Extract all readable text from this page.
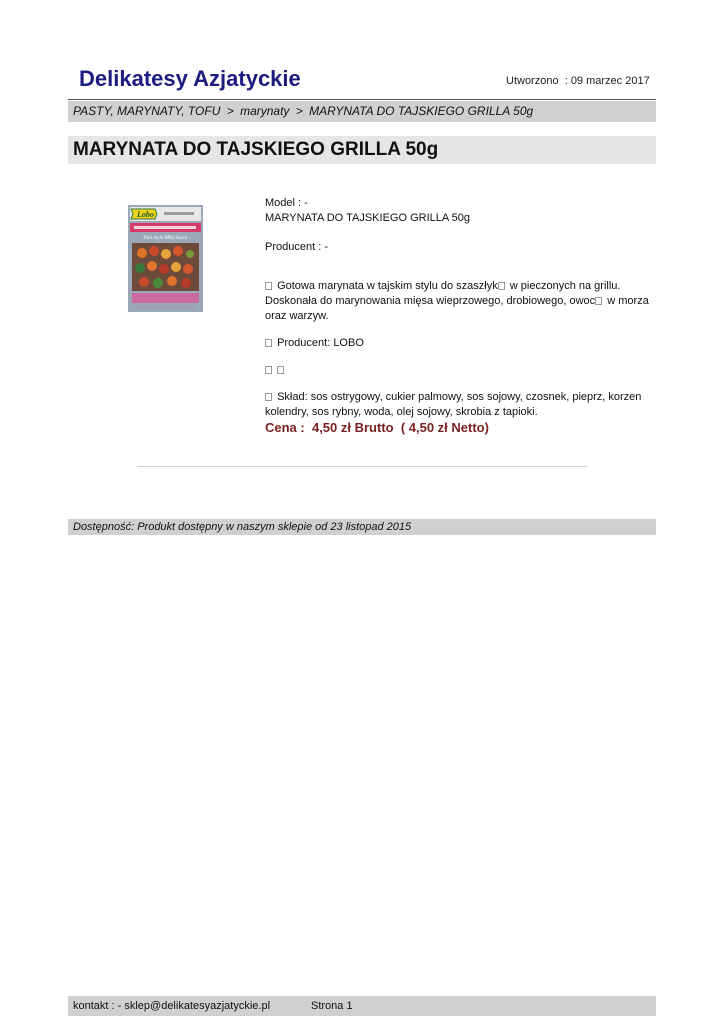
Delikatesy Azjatyckie	Utworzono  : 09 marzec 2017
PASTY, MARYNATY, TOFU > marynaty > MARYNATA DO TAJSKIEGO GRILLA 50g
MARYNATA DO TAJSKIEGO GRILLA 50g
Lobo
Thai Style BBQ Sauce

Model : -

MARYNATA DO TAJSKIEGO GRILLA 50g

Producent : -

Gotowa marynata w tajskim stylu do szaszłyk w pieczonych na grillu. Doskonała do marynowania mięsa wieprzowego, drobiowego, owoc w morza oraz warzyw.

Producent: LOBO

Skład: sos ostrygowy, cukier palmowy, sos sojowy, czosnek, pieprz, korzen kolendry, sos rybny, woda, olej sojowy, skrobia z tapioki.

Cena : 4,50 zł Brutto ( 4,50 zł Netto)

Dostępność: Produkt dostępny w naszym sklepie od 23 listopad 2015
kontakt : - sklep@delikatesyazjatyckie.pl	Strona 1
